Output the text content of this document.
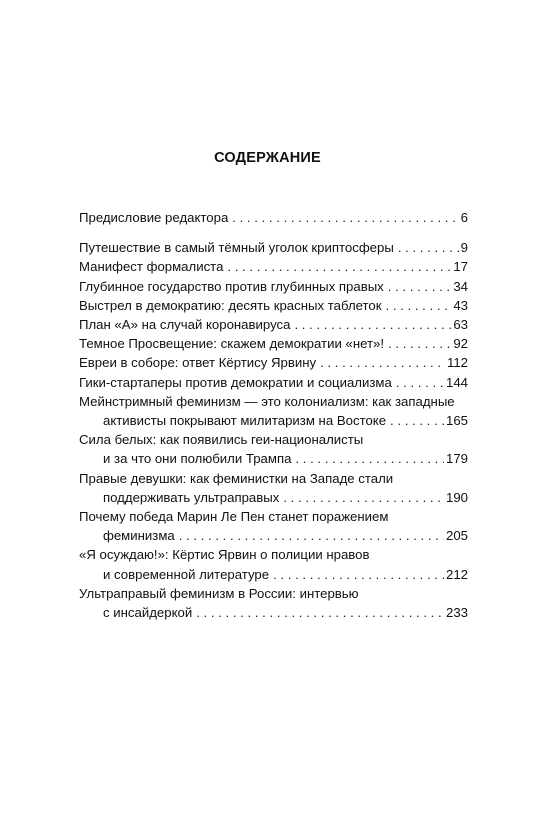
СОДЕРЖАНИЕ
Предисловие редактора . . .	6
Путешествие в самый тёмный уголок криптосферы . . .	9
Манифест формалиста . . .	17
Глубинное государство против глубинных правых . . .	34
Выстрел в демократию: десять красных таблеток . . .	43
План «А» на случай коронавируса . . .	63
Темное Просвещение: скажем демократии «нет»! . . .	92
Евреи в соборе: ответ Кёртису Ярвину . . .	112
Гики-стартаперы против демократии и социализма . . .	144
Мейнстримный феминизм — это колониализм: как западные
активисты покрывают милитаризм на Востоке . . .	165
Сила белых: как появились геи-националисты
и за что они полюбили Трампа . . .	179
Правые девушки: как феминистки на Западе стали
поддерживать ультраправых . . .	190
Почему победа Марин Ле Пен станет поражением
феминизма . . .	205
«Я осуждаю!»: Кёртис Ярвин о полиции нравов
и современной литературе . . .	212
Ультраправый феминизм в России: интервью
с инсайдеркой . . .	233
